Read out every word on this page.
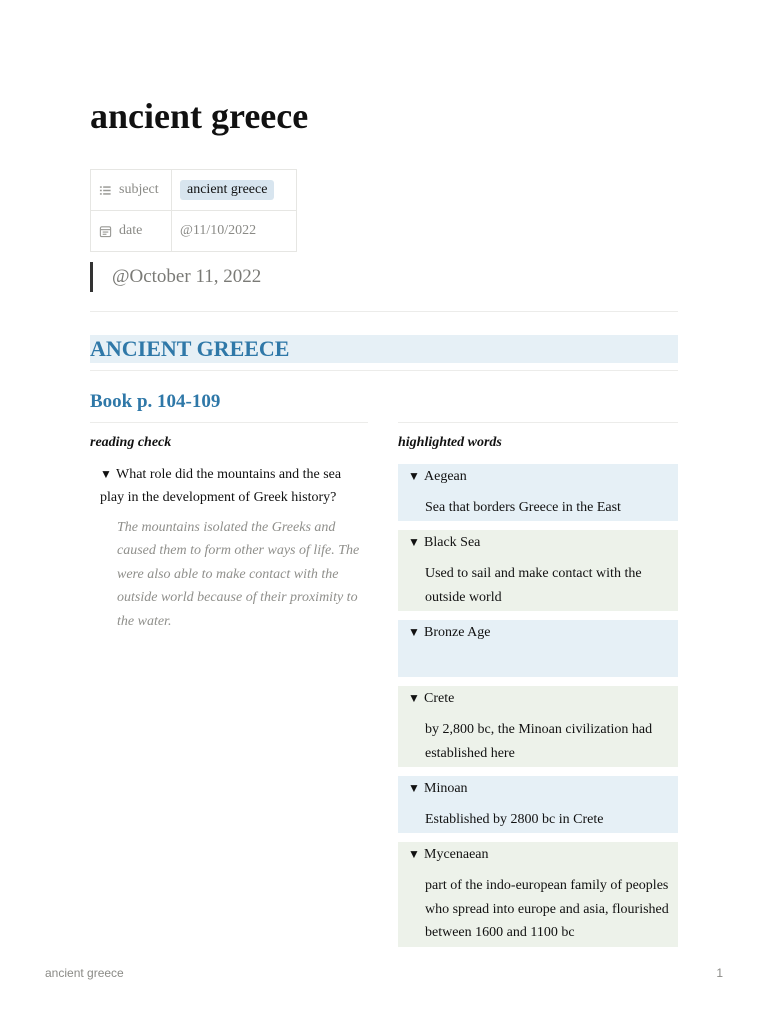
ancient greece
subject	ancient greece

date	@11/10/2022
@October 11, 2022
ANCIENT GREECE
Book p. 104-109
reading check
▼ What role did the mountains and the sea play in the development of Greek history?
The mountains isolated the Greeks and caused them to form other ways of life. The were also able to make contact with the outside world because of their proximity to the water.
highlighted words
▼ Aegean
Sea that borders Greece in the East
▼ Black Sea
Used to sail and make contact with the outside world
▼ Bronze Age
▼ Crete
by 2,800 bc, the Minoan civilization had established here
▼ Minoan
Established by 2800 bc in Crete
▼ Mycenaean
part of the indo-european family of peoples who spread into europe and asia, flourished between 1600 and 1100 bc
ancient greece	1
